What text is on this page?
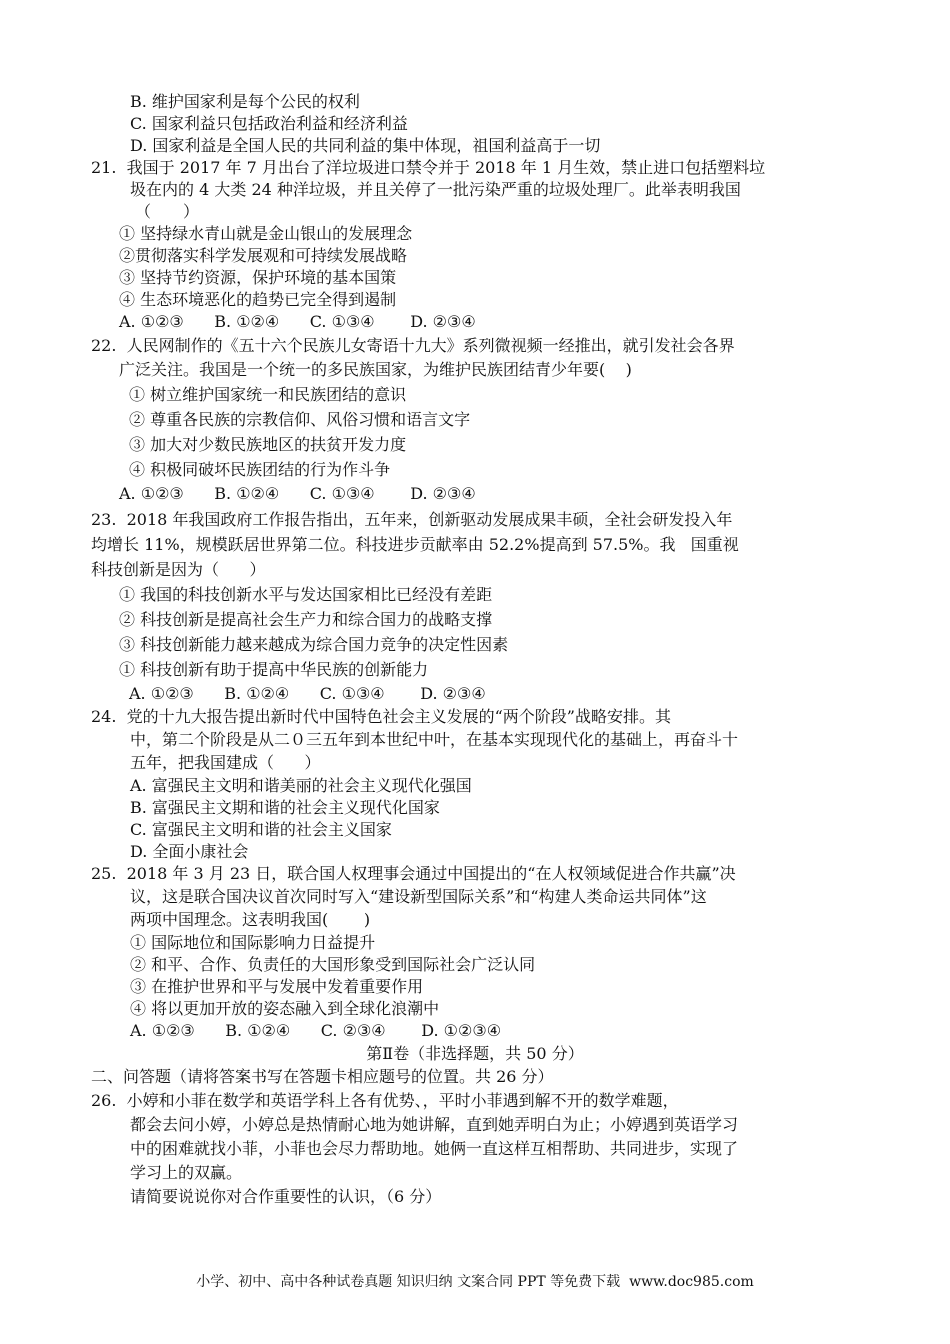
B. 维护国家利是每个公民的权利
C. 国家利益只包括政治利益和经济利益
D. 国家利益是全国人民的共同利益的集中体现，祖国利益高于一切
21.  我国于 2017 年 7 月出台了洋垃圾进口禁令并于 2018 年 1 月生效，禁止进口包括塑料垃
圾在内的 4 大类 24 种洋垃圾，并且关停了一批污染严重的垃圾处理厂。此举表明我国
（　　）
① 坚持绿水青山就是金山银山的发展理念
②贯彻落实科学发展观和可持续发展战略
③ 坚持节约资源，保护环境的基本国策
④ 生态环境恶化的趋势已完全得到遏制
A. ①②③      B. ①②④      C. ①③④       D. ②③④
22.  人民网制作的《五十六个民族儿女寄语十九大》系列微视频一经推出，就引发社会各界
广泛关注。我国是一个统一的多民族国家，为维护民族团结青少年要(    )
① 树立维护国家统一和民族团结的意识
② 尊重各民族的宗教信仰、风俗习惯和语言文字
③ 加大对少数民族地区的扶贫开发力度
④ 积极同破坏民族团结的行为作斗争
A. ①②③      B. ①②④      C. ①③④       D. ②③④
23.  2018 年我国政府工作报告指出，五年来，创新驱动发展成果丰硕，全社会研发投入年
均增长 11%，规模跃居世界第二位。科技进步贡献率由 52.2%提高到 57.5%。我   国重视
科技创新是因为（      ）
① 我国的科技创新水平与发达国家相比已经没有差距
② 科技创新是提高社会生产力和综合国力的战略支撑
③ 科技创新能力越来越成为综合国力竞争的决定性因素
① 科技创新有助于提高中华民族的创新能力
A. ①②③      B. ①②④      C. ①③④       D. ②③④
24.  党的十九大报告提出新时代中国特色社会主义发展的“两个阶段”战略安排。其
中，第二个阶段是从二０三五年到本世纪中叶，在基本实现现代化的基础上，再奋斗十
五年，把我国建成（      ）
A. 富强民主文明和谐美丽的社会主义现代化强国
B. 富强民主文期和谐的社会主义现代化国家
C. 富强民主文明和谐的社会主义国家
D. 全面小康社会
25.  2018 年 3 月 23 日，联合国人权理事会通过中国提出的“在人权领域促进合作共赢”决
议，这是联合国决议首次同时写入“建设新型国际关系”和“构建人类命运共同体”这
两项中国理念。这表明我国(       )
① 国际地位和国际影响力日益提升
② 和平、合作、负责任的大国形象受到国际社会广泛认同
③ 在推护世界和平与发展中发着重要作用
④ 将以更加开放的姿态融入到全球化浪潮中
A. ①②③      B. ①②④      C. ②③④       D. ①②③④
第Ⅱ卷（非选择题，共 50 分）
二、问答题（请将答案书写在答题卡相应题号的位置。共 26 分）
26.  小婷和小菲在数学和英语学科上各有优势、，平时小菲遇到解不开的数学难题，
都会去问小婷，小婷总是热情耐心地为她讲解，直到她弄明白为止；小婷遇到英语学习
中的困难就找小菲，小菲也会尽力帮助地。她俩一直这样互相帮助、共同进步，实现了
学习上的双赢。
请简要说说你对合作重要性的认识，（6 分）
小学、初中、高中各种试卷真题 知识归纳 文案合同 PPT 等免费下载  www.doc985.com
